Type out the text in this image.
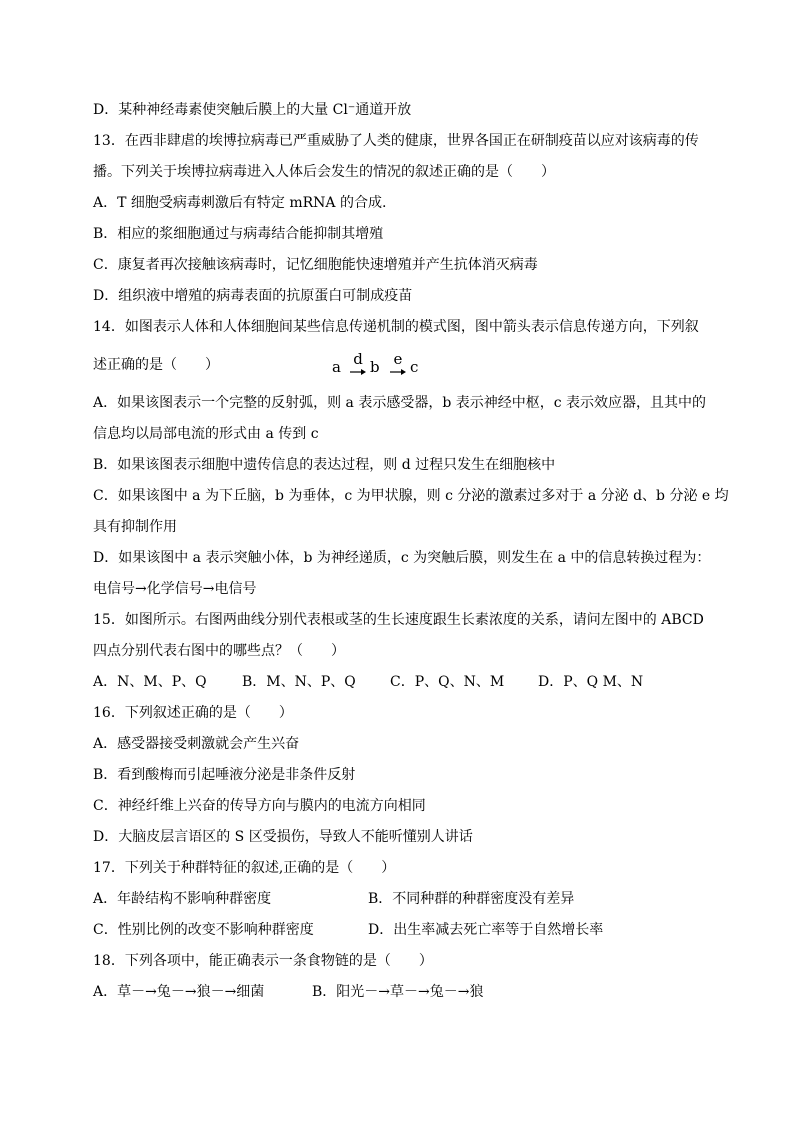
D．某种神经毒素使突触后膜上的大量 Cl⁻通道开放
13．在西非肆虐的埃博拉病毒已严重威胁了人类的健康，世界各国正在研制疫苗以应对该病毒的传
播。下列关于埃博拉病毒进入人体后会发生的情况的叙述正确的是（　　）
A．T 细胞受病毒刺激后有特定 mRNA 的合成.
B．相应的浆细胞通过与病毒结合能抑制其增殖
C．康复者再次接触该病毒时，记忆细胞能快速增殖并产生抗体消灭病毒
D．组织液中增殖的病毒表面的抗原蛋白可制成疫苗
14．如图表示人体和人体细胞间某些信息传递机制的模式图，图中箭头表示信息传递方向，下列叙
述正确的是（　　）	a d b e c
A．如果该图表示一个完整的反射弧，则 a 表示感受器，b 表示神经中枢，c 表示效应器，且其中的
信息均以局部电流的形式由 a 传到 c
B．如果该图表示细胞中遗传信息的表达过程，则 d 过程只发生在细胞核中
C．如果该图中 a 为下丘脑，b 为垂体，c 为甲状腺，则 c 分泌的激素过多对于 a 分泌 d、b 分泌 e 均
具有抑制作用
D．如果该图中 a 表示突触小体，b 为神经递质，c 为突触后膜，则发生在 a 中的信息转换过程为：
电信号→化学信号→电信号
15．如图所示。右图两曲线分别代表根或茎的生长速度跟生长素浓度的关系，请问左图中的 ABCD
四点分别代表右图中的哪些点？（　　）
A．N、M、P、Q	B．M、N、P、Q C．P、Q、N、M D．P、Q M、N
16．下列叙述正确的是（　　）
A．感受器接受刺激就会产生兴奋
B．看到酸梅而引起唾液分泌是非条件反射
C．神经纤维上兴奋的传导方向与膜内的电流方向相同
D．大脑皮层言语区的 S 区受损伤，导致人不能听懂别人讲话
17．下列关于种群特征的叙述,正确的是（　　）
A．年龄结构不影响种群密度	B．不同种群的种群密度没有差异
C．性别比例的改变不影响种群密度	D．出生率减去死亡率等于自然增长率
18．下列各项中，能正确表示一条食物链的是（　　）
A．草－→兔－→狼－→细菌	B．阳光－→草－→兔－→狼
